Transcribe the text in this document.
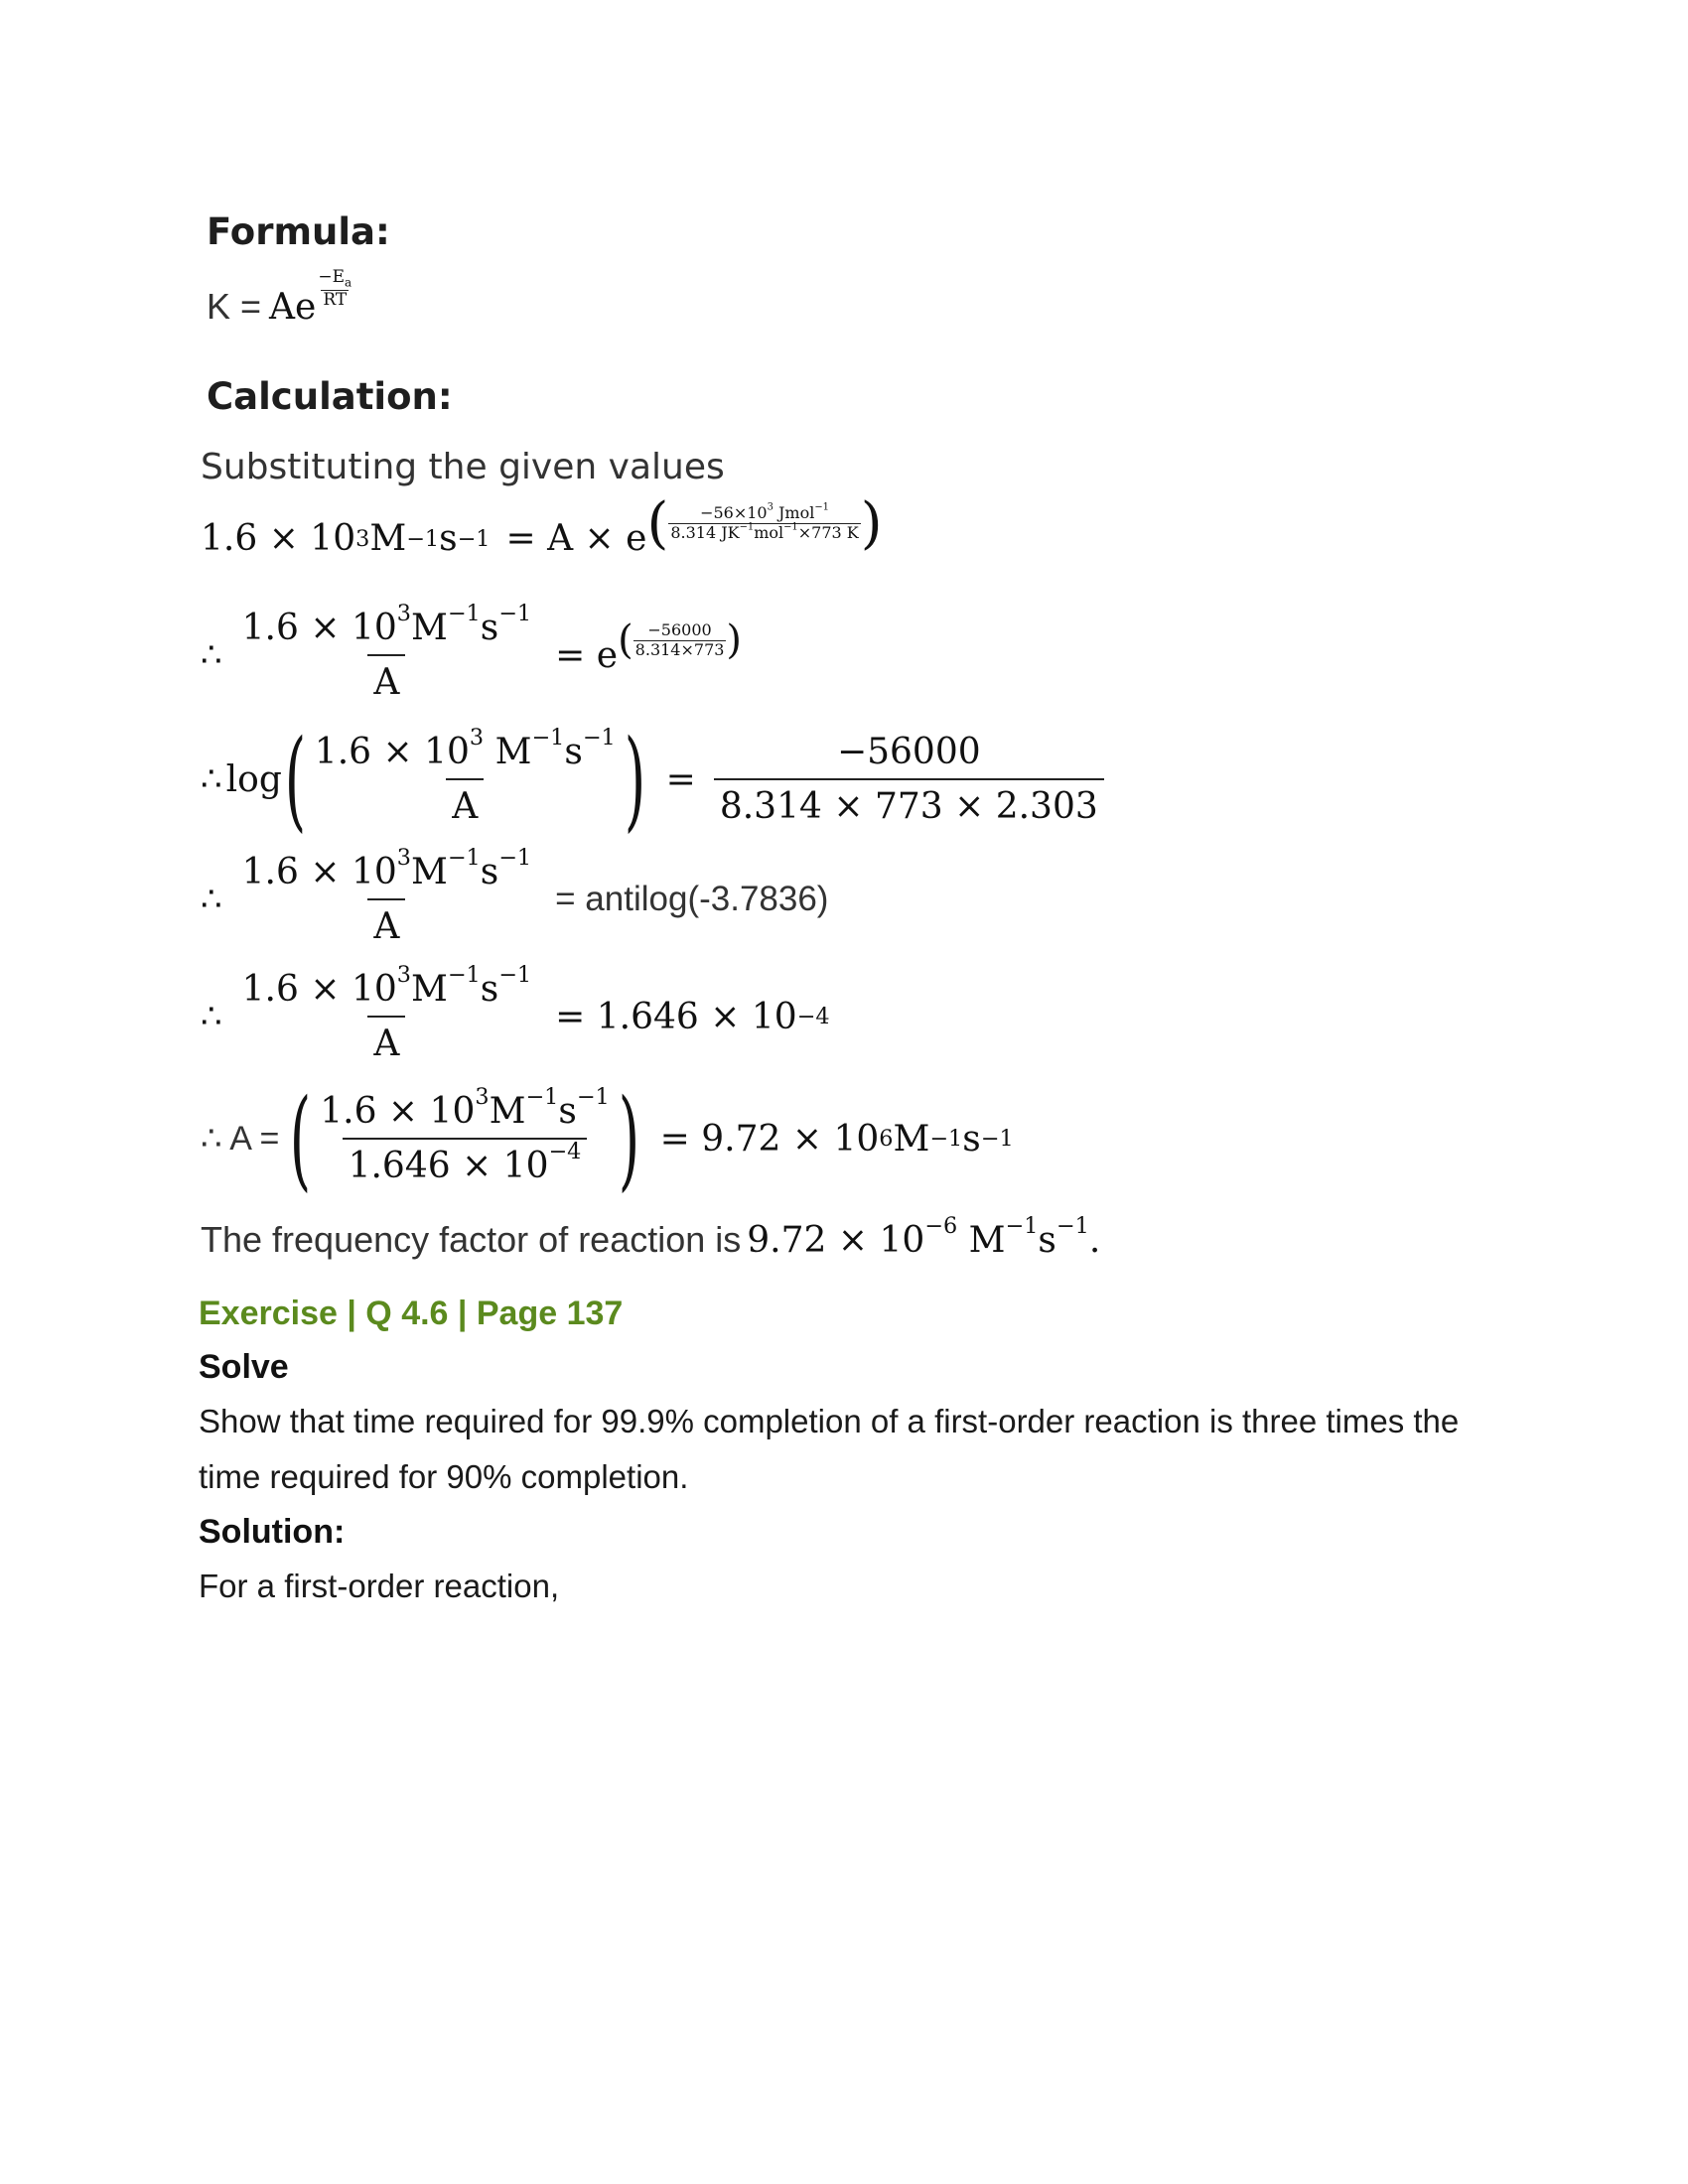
Formula:
K = Ae $\frac{-E_a}{RT}$
Calculation:
Substituting the given values
1.6 × 10 3 M −1 s −1 = A × e ( $\frac{-56\times 10^3 Jmol^{-1}}{8.314 JK^{-1}mol^{-1}\times 773 K}$ )
∴ $\frac{1.6 \times 10^3M^{-1}s^{-1}}{A} = e$ ( $\frac{-56000}{8.314\times 773}$ )
∴ log ( $\frac{1.6 \times 10^3 M^{-1}s^{-1}}{A}$ ) = $\frac{-56000}{8.314 \times 773 \times 2.303}$
∴ $\frac{1.6 \times 10^3M^{-1}s^{-1}}{A}$ = antilog(-3.7836)
∴ $\frac{1.6 \times 10^3M^{-1}s^{-1}}{A} = 1.646 \times 10 -4$
∴ A = ( $\frac{1.6 \times 10^3M^{-1}s^{-1}}{1.646 \times 10^{-4}}$ ) = 9.72 × 10 6 M −1 s −1
The frequency factor of reaction is $9.72 \times 10^{-6}$ $M^{-1}s^{-1}$.
Exercise | Q 4.6 | Page 137
Solve
Show that time required for 99.9% completion of a first-order reaction is three times the time required for 90% completion.
Solution:
For a first-order reaction,
